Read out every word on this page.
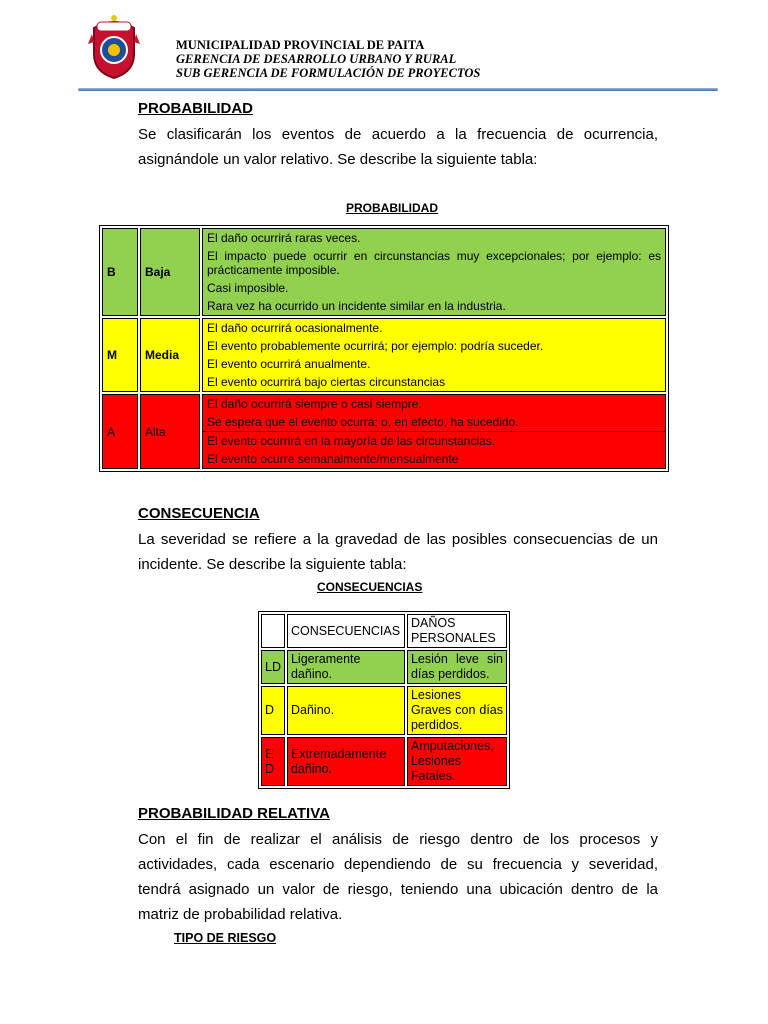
MUNICIPALIDAD PROVINCIAL DE PAITA
GERENCIA DE DESARROLLO URBANO Y RURAL
SUB GERENCIA DE FORMULACIÓN DE PROYECTOS
PROBABILIDAD
Se clasificarán los eventos de acuerdo a la frecuencia de ocurrencia, asignándole un valor relativo. Se describe la siguiente tabla:
PROBABILIDAD
B	Baja	El daño ocurrirá raras veces.
El impacto puede ocurrir en circunstancias muy excepcionales; por ejemplo: es prácticamente imposible.
Casi imposible.
Rara vez ha ocurrido un incidente similar en la industria.

M	Media	El daño ocurrirá ocasionalmente.
El evento probablemente ocurrirá; por ejemplo: podría suceder.
El evento ocurrirá anualmente.
El evento ocurrirá bajo ciertas circunstancias

A	Alta	El daño ocurrirá siempre o casi siempre.
Se espera que el evento ocurra; o, en efecto, ha sucedido.
El evento ocurrirá en la mayoría de las circunstancias.
El evento ocurre semanalmente/mensualmente
CONSECUENCIA
La severidad se refiere a la gravedad de las posibles consecuencias de un incidente. Se describe la siguiente tabla:
CONSECUENCIAS
	CONSECUENCIAS	DAÑOS PERSONALES
LD	Ligeramente dañino.	Lesión leve sin días perdidos.
D	Dañino.	Lesiones Graves con días perdidos.

E
D	Extremadamente dañino.	Amputaciones, Lesiones Fatales.
PROBABILIDAD RELATIVA
Con el fin de realizar el análisis de riesgo dentro de los procesos y actividades, cada escenario dependiendo de su frecuencia y severidad, tendrá asignado un valor de riesgo, teniendo una ubicación dentro de la matriz de probabilidad relativa.
TIPO DE RIESGO
